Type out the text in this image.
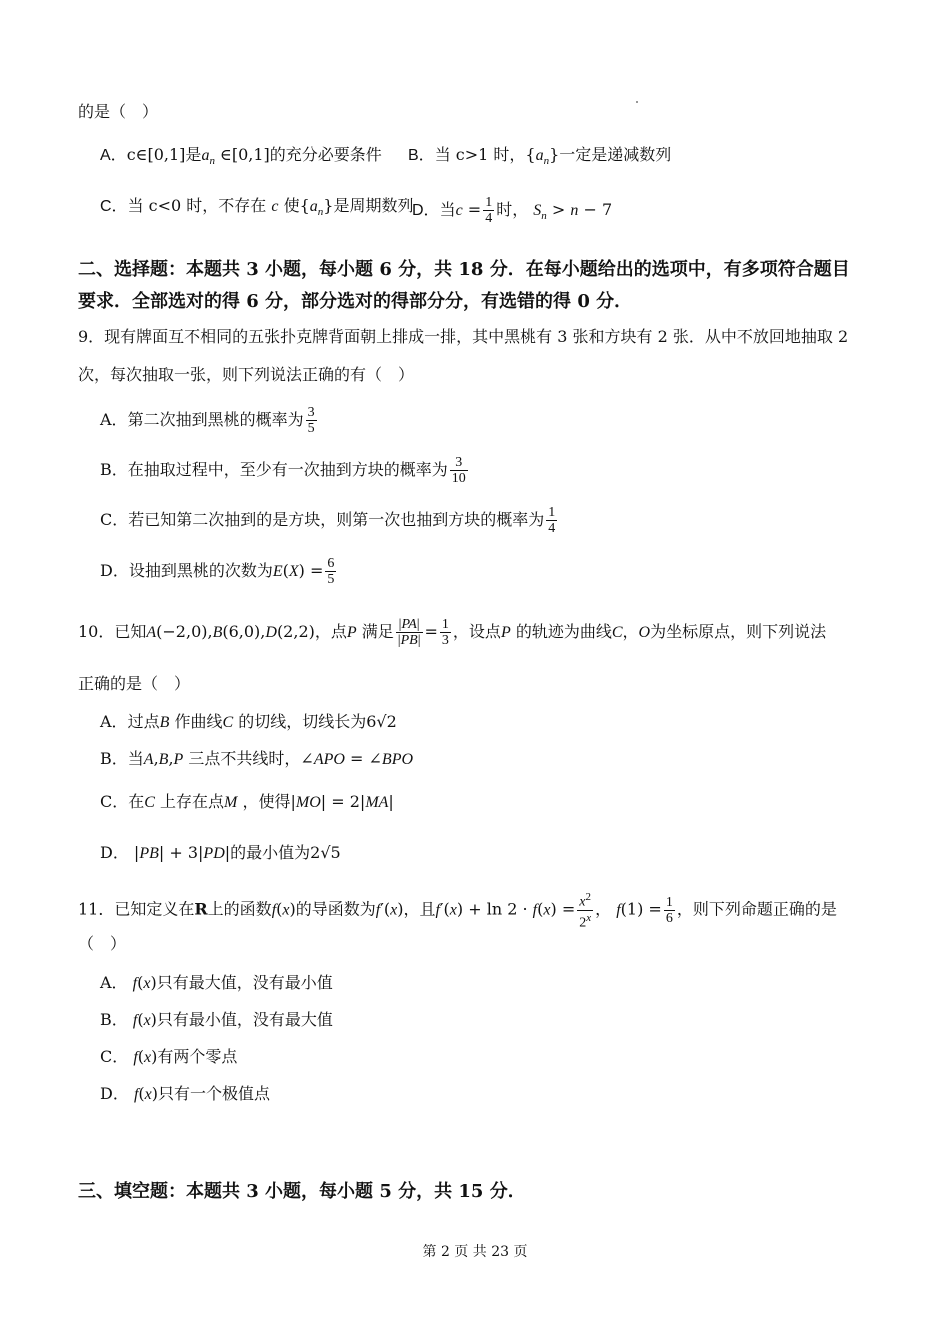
的是（　）
A．c∈[0,1]是$a_n$ ∈[0,1]的充分必要条件 B．当 c>1 时，$\{a_n\}$一定是递减数列
C．当 c<0 时，不存在 c 使$\{a_n\}$是周期数列
D．当$c = \frac{1}{4}$ 时， $S_n > n - 7$
二、选择题：本题共 3 小题，每小题 6 分，共 18 分．在每小题给出的选项中，有多项符合题目
要求．全部选对的得 6 分，部分选对的得部分分，有选错的得 0 分．
9．现有牌面互不相同的五张扑克牌背面朝上排成一排，其中黑桃有 3 张和方块有 2 张．从中不放回地抽取 2
次，每次抽取一张，则下列说法正确的有（　）
A．第二次抽到黑桃的概率为 $\frac{3}{5}$
B．在抽取过程中，至少有一次抽到方块的概率为 $\frac{3}{10}$
C．若已知第二次抽到的是方块，则第一次也抽到方块的概率为 $\frac{1}{4}$
D．设抽到黑桃的次数为$E(X) = \frac{6}{5}$
10．已知A(−2,0),B(6,0),D(2,2)，点P 满足 $\frac{|PA|}{|PB|} = \frac{1}{3}$ ，设点P 的轨迹为曲线C，O为坐标原点，则下列说法
正确的是（　）
A．过点B 作曲线C 的切线，切线长为6√2
B．当A,B,P 三点不共线时，∠APO = ∠BPO
C．在C 上存在点M ，使得|MO| = 2|MA|
D． |PB| + 3|PD|的最小值为2√5
11．已知定义在R上的函数f(x)的导函数为f′(x)，且$f'(x) + \ln 2 \cdot f(x) = \frac{x^2}{2^x}$ ， $f(1) = \frac{1}{6}$ ，则下列命题正确的是
（　）
A． f(x)只有最大值，没有最小值
B． f(x)只有最小值，没有最大值
C． f(x)有两个零点
D． f(x)只有一个极值点
三、填空题：本题共 3 小题，每小题 5 分，共 15 分．
第 2 页 共 23 页
